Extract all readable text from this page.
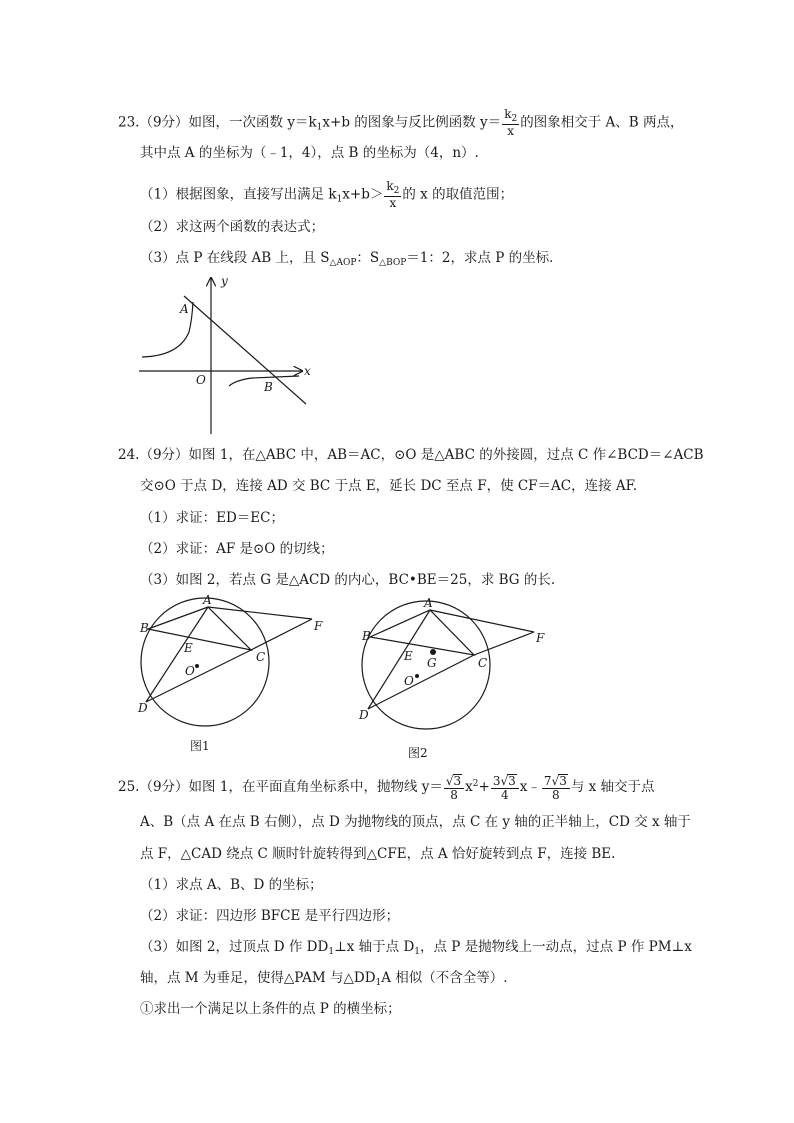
23.（9分）如图，一次函数 $y=k_1x+b$ 的图象与反比例函数 $y= \frac{k_2}{x}$ 的图象相交于 A、B 两点，
其中点 A 的坐标为（﹣1，4），点 B 的坐标为（4，n）.
（1）根据图象，直接写出满足 $k_1x+b> \frac{k_2}{x}$ 的 x 的取值范围；
（2）求这两个函数的表达式；
（3）点 P 在线段 AB 上，且 $S_{\triangle AOP}$：$S_{\triangle BOP}=1$：2，求点 P 的坐标．
A
B
O
x
y
24.（9分）如图 1，在△ABC 中，AB＝AC，⊙O 是△ABC 的外接圆，过点 C 作∠BCD＝∠ACB
交⊙O 于点 D，连接 AD 交 BC 于点 E，延长 DC 至点 F，使 CF＝AC，连接 AF.
（1）求证：ED＝EC；
（2）求证：AF 是⊙O 的切线；
（3）如图 2，若点 G 是△ACD 的内心，BC•BE＝25，求 BG 的长.
A
B
C
D
E
F
O
图1
A
B
C
D
E
F
G
O
图2
25.（9分）如图 1，在平面直角坐标系中，抛物线 $y= \frac{√3}{8} x^2+ \frac{3√3}{4}$ x﹣ $\frac{7√3}{8}$ 与 x 轴交于点
A、B（点 A 在点 B 右侧），点 D 为抛物线的顶点，点 C 在 y 轴的正半轴上，CD 交 x 轴于
点 F，△CAD 绕点 C 顺时针旋转得到△CFE，点 A 恰好旋转到点 F，连接 BE.
（1）求点 A、B、D 的坐标；
（2）求证：四边形 BFCE 是平行四边形；
（3）如图 2，过顶点 D 作 $DD_1\perp x$ 轴于点 $D_1$，点 P 是抛物线上一动点，过点 P 作 PM⊥x
轴，点 M 为垂足，使得△PAM 与$\triangle DD_1A$ 相似（不含全等）.
①求出一个满足以上条件的点 P 的横坐标；
